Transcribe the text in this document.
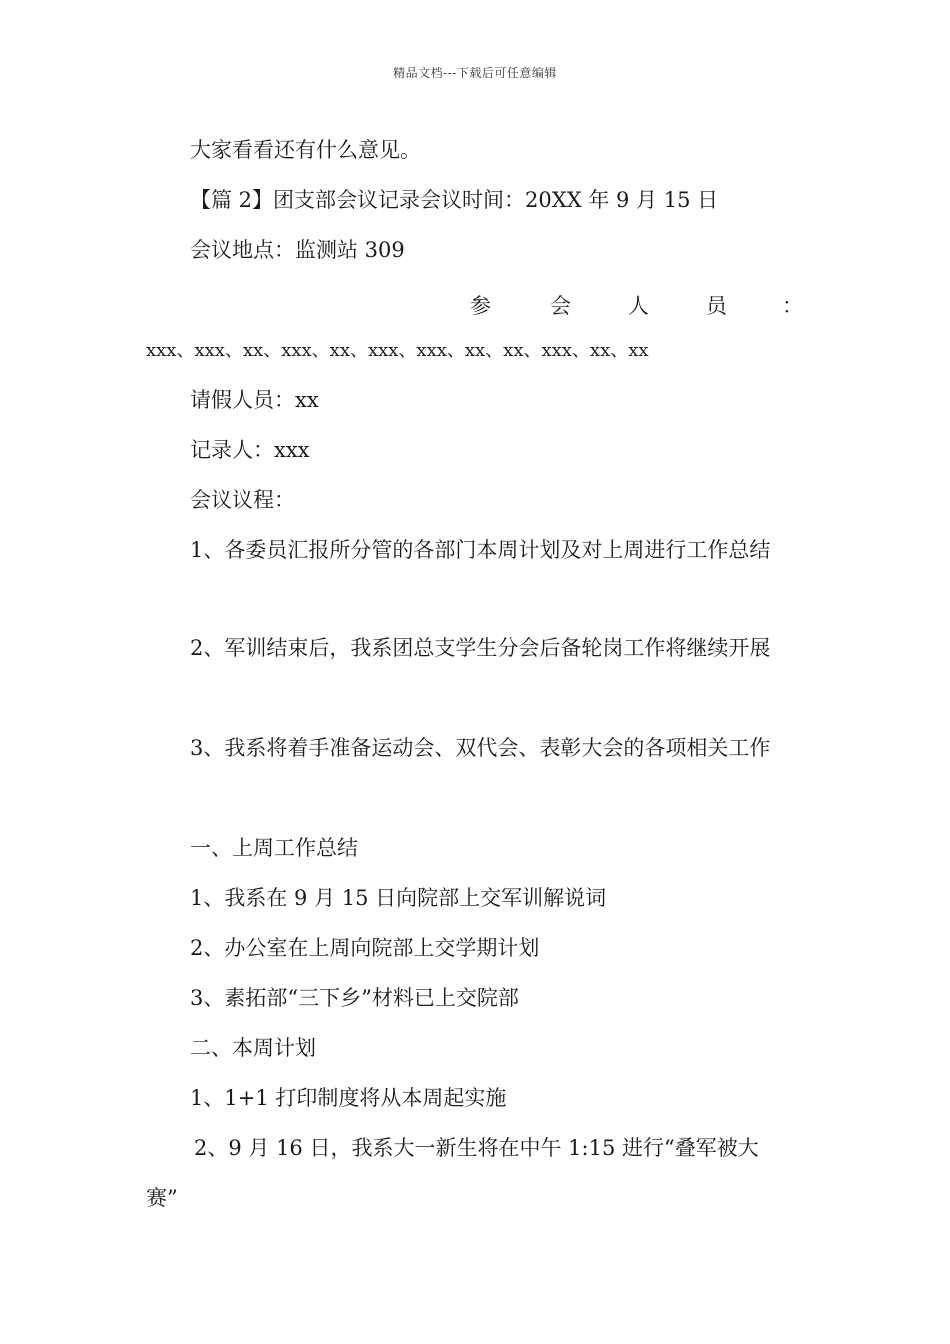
精品文档---下载后可任意编辑
大家看看还有什么意见。
【篇 2】团支部会议记录会议时间：20XX 年 9 月 15 日
会议地点：监测站 309
参	会	人	员	：
xxx、xxx、xx、xxx、xx、xxx、xxx、xx、xx、xxx、xx、xx
请假人员：xx
记录人：xxx
会议议程：
1、各委员汇报所分管的各部门本周计划及对上周进行工作总结
2、军训结束后，我系团总支学生分会后备轮岗工作将继续开展
3、我系将着手准备运动会、双代会、表彰大会的各项相关工作
一、上周工作总结
1、我系在 9 月 15 日向院部上交军训解说词
2、办公室在上周向院部上交学期计划
3、素拓部“三下乡”材料已上交院部
二、本周计划
1、1+1 打印制度将从本周起实施
2、9 月 16 日，我系大一新生将在中午 1:15 进行“叠军被大
赛”
